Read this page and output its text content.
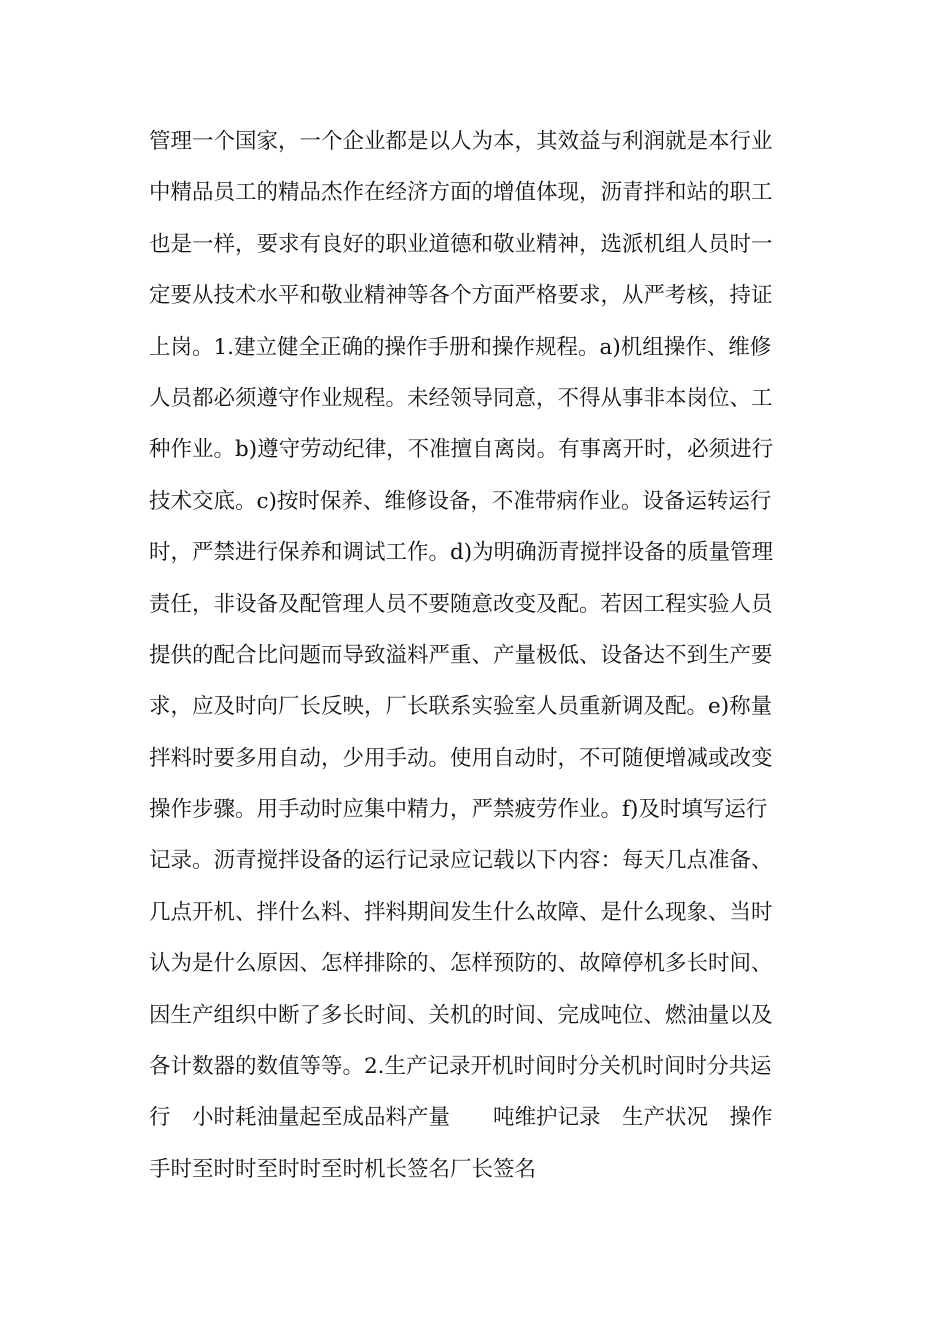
管理一个国家，一个企业都是以人为本，其效益与利润就是本行业
中精品员工的精品杰作在经济方面的增值体现，沥青拌和站的职工
也是一样，要求有良好的职业道德和敬业精神，选派机组人员时一
定要从技术水平和敬业精神等各个方面严格要求，从严考核，持证
上岗。1.建立健全正确的操作手册和操作规程。a)机组操作、维修
人员都必须遵守作业规程。未经领导同意，不得从事非本岗位、工
种作业。b)遵守劳动纪律，不准擅自离岗。有事离开时，必须进行
技术交底。c)按时保养、维修设备，不准带病作业。设备运转运行
时，严禁进行保养和调试工作。d)为明确沥青搅拌设备的质量管理
责任，非设备及配管理人员不要随意改变及配。若因工程实验人员
提供的配合比问题而导致溢料严重、产量极低、设备达不到生产要
求，应及时向厂长反映，厂长联系实验室人员重新调及配。e)称量
拌料时要多用自动，少用手动。使用自动时，不可随便增减或改变
操作步骤。用手动时应集中精力，严禁疲劳作业。f)及时填写运行
记录。沥青搅拌设备的运行记录应记载以下内容：每天几点准备、
几点开机、拌什么料、拌料期间发生什么故障、是什么现象、当时
认为是什么原因、怎样排除的、怎样预防的、故障停机多长时间、
因生产组织中断了多长时间、关机的时间、完成吨位、燃油量以及
各计数器的数值等等。2.生产记录开机时间时分关机时间时分共运
行　小时耗油量起至成品料产量　　吨维护记录　生产状况　操作
手时至时时至时时至时机长签名厂长签名
